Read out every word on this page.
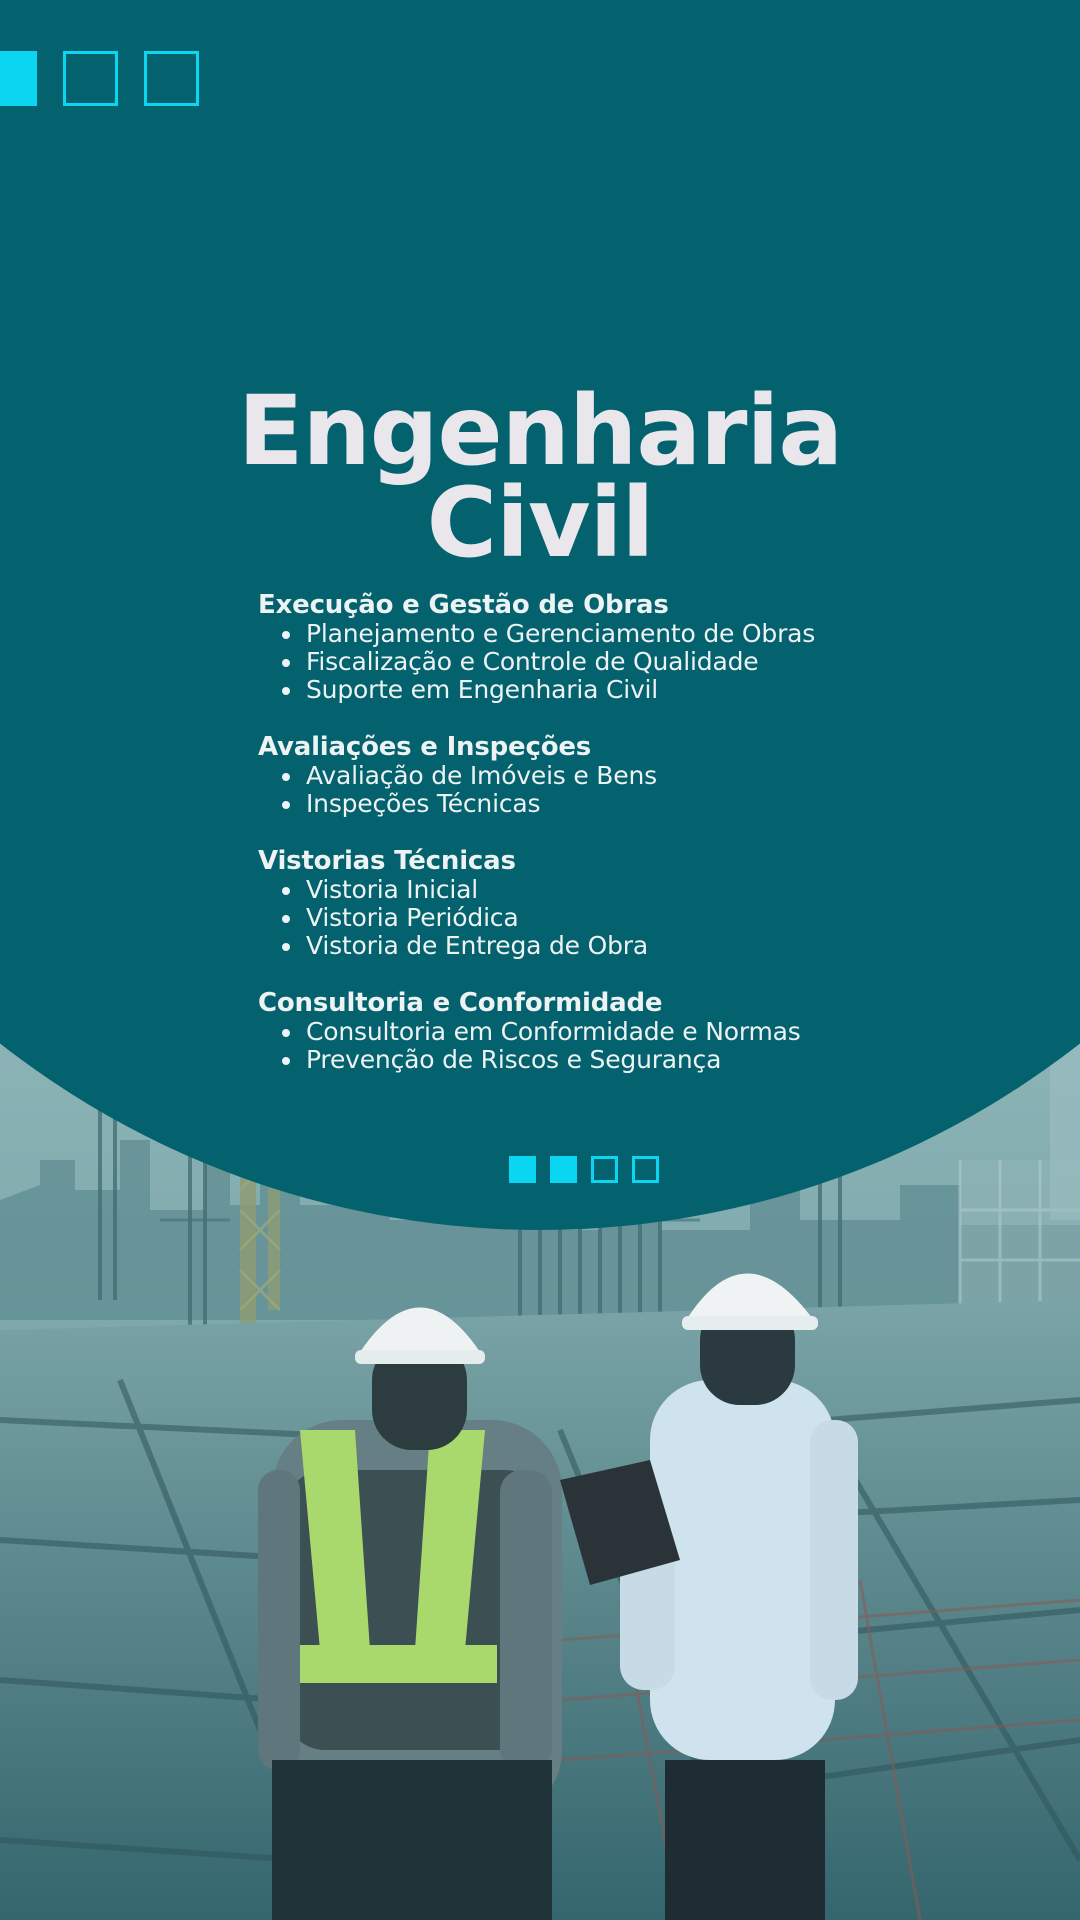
Engenharia
Civil

Execução e Gestão de Obras

Planejamento e Gerenciamento de Obras
Fiscalização e Controle de Qualidade
Suporte em Engenharia Civil

Avaliações e Inspeções

Avaliação de Imóveis e Bens
Inspeções Técnicas

Vistorias Técnicas

Vistoria Inicial
Vistoria Periódica
Vistoria de Entrega de Obra

Consultoria e Conformidade

Consultoria em Conformidade e Normas
Prevenção de Riscos e Segurança
